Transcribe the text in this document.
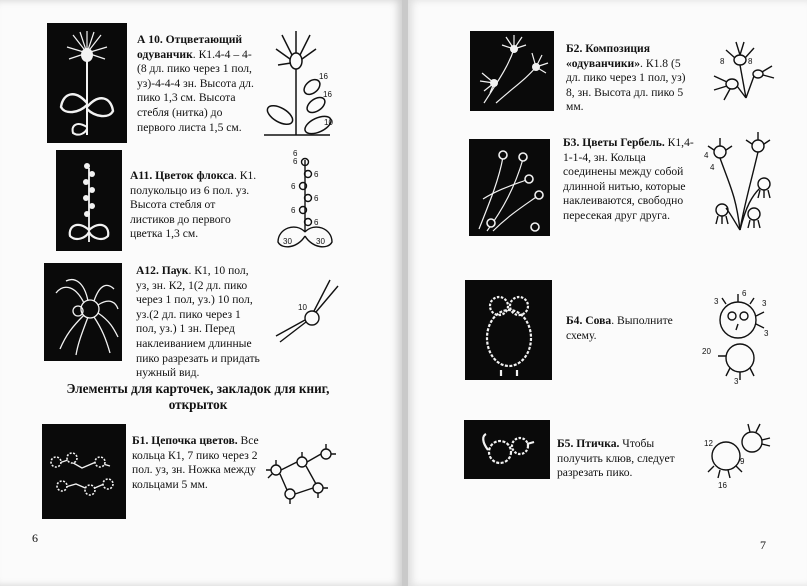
А 10. Отцветающий одуванчик. К1.4-4 – 4-(8 дл. пико через 1 пол, уз)-4-4-4 зн. Высота дл. пико 1,3 см. Высота стебля (нитка) до первого листа 1,5 см.

16
16
10

А11. Цветок флокса. К1. полукольцо из 6 пол. уз. Высота стебля от листиков до первого цветка 1,3 см.

6
6
6
6
6
6
6
30	30

А12. Паук. К1, 10 пол, уз, зн. К2, 1(2 дл. пико через 1 пол, уз.) 10 пол, уз.(2 дл. пико через 1 пол, уз.) 1 зн. Перед наклеиванием длинные пико разрезать и придать нужный вид.

10

Элементы для карточек, закладок для книг, открыток

Б1. Цепочка цветов. Все кольца К1, 7 пико через 2 пол. уз, зн. Ножка между кольцами 5 мм.

6

Б2. Композиция «одуванчики». К1.8 (5 дл. пико через 1 пол, уз) 8, зн. Высота дл. пико 5 мм.

8	8

Б3. Цветы Гербель. К1,4-1-1-4, зн. Кольца соединены между собой длинной нитью, которые наклеиваются, свободно пересекая друг друга.

4
4

Б4. Сова. Выполните схему.

3
6
3
3
20
3

Б5. Птичка. Чтобы получить клюв, следует разрезать пико.

12
9
16
7
